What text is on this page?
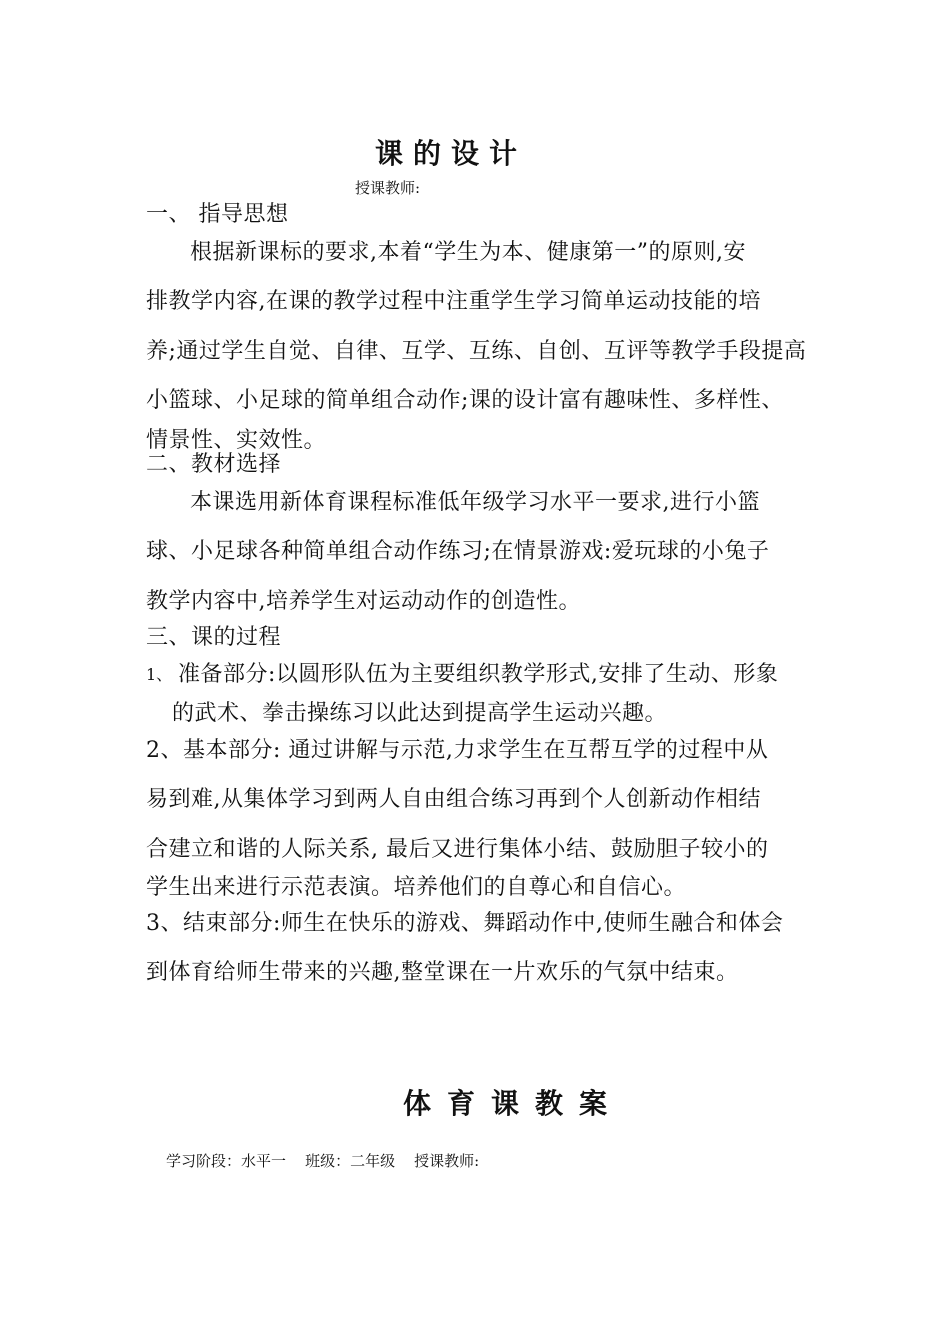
课的设计
授课教师:
一、 指导思想
根据新课标的要求,本着“学生为本、健康第一”的原则,安
排教学内容,在课的教学过程中注重学生学习简单运动技能的培
养;通过学生自觉、自律、互学、互练、自创、互评等教学手段提高
小篮球、小足球的简单组合动作;课的设计富有趣味性、多样性、
情景性、实效性。
二、教材选择
本课选用新体育课程标准低年级学习水平一要求,进行小篮
球、小足球各种简单组合动作练习;在情景游戏:爱玩球的小兔子
教学内容中,培养学生对运动动作的创造性。
三、课的过程
1、 准备部分:以圆形队伍为主要组织教学形式,安排了生动、形象
的武术、拳击操练习以此达到提高学生运动兴趣。
2、基本部分: 通过讲解与示范,力求学生在互帮互学的过程中从
易到难,从集体学习到两人自由组合练习再到个人创新动作相结
合建立和谐的人际关系, 最后又进行集体小结、鼓励胆子较小的
学生出来进行示范表演。培养他们的自尊心和自信心。
3、结束部分:师生在快乐的游戏、舞蹈动作中,使师生融合和体会
到体育给师生带来的兴趣,整堂课在一片欢乐的气氛中结束。
体育课教案
学习阶段：水平一    班级：二年级    授课教师:
